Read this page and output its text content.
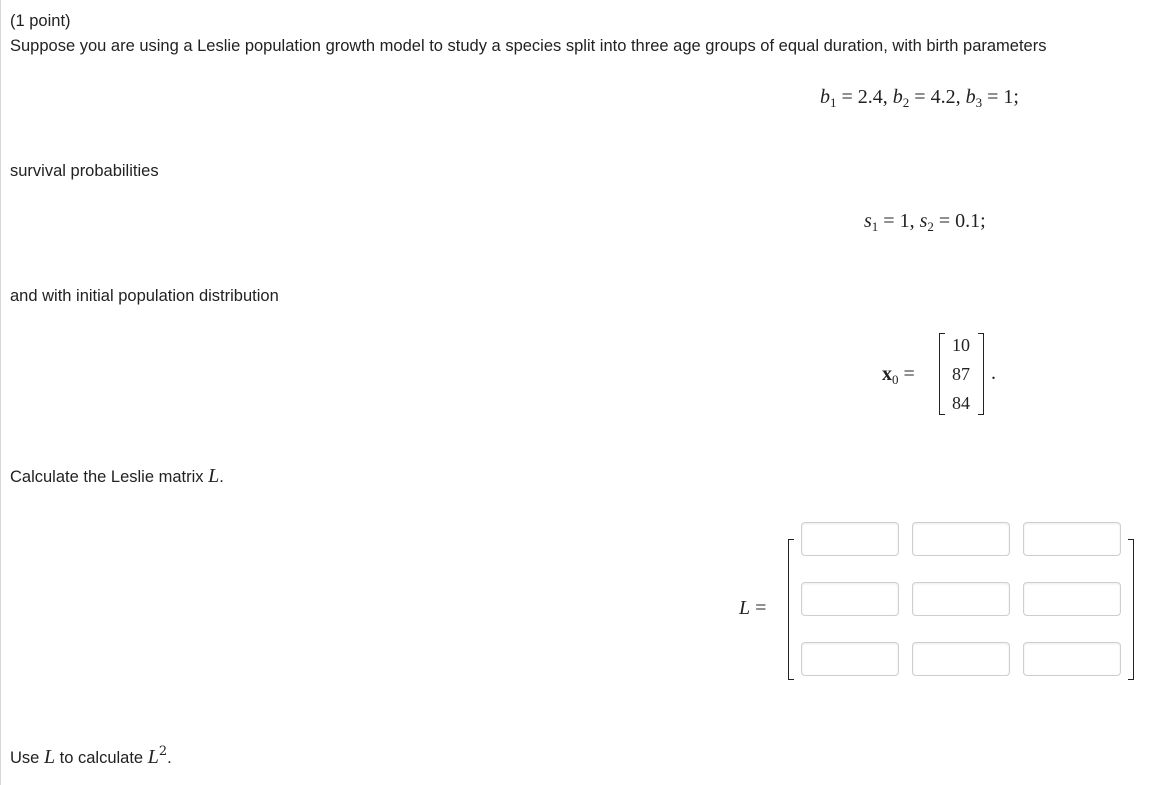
(1 point)
Suppose you are using a Leslie population growth model to study a species split into three age groups of equal duration, with birth parameters
$b_1 = 2.4$, $b_2 = 4.2$, $b_3 = 1$;
survival probabilities
$s_1 = 1$, $s_2 = 0.1$;
and with initial population distribution
$x_0$ =
10
87
84
.
Calculate the Leslie matrix L.
L =
Use L to calculate $L^2$.
